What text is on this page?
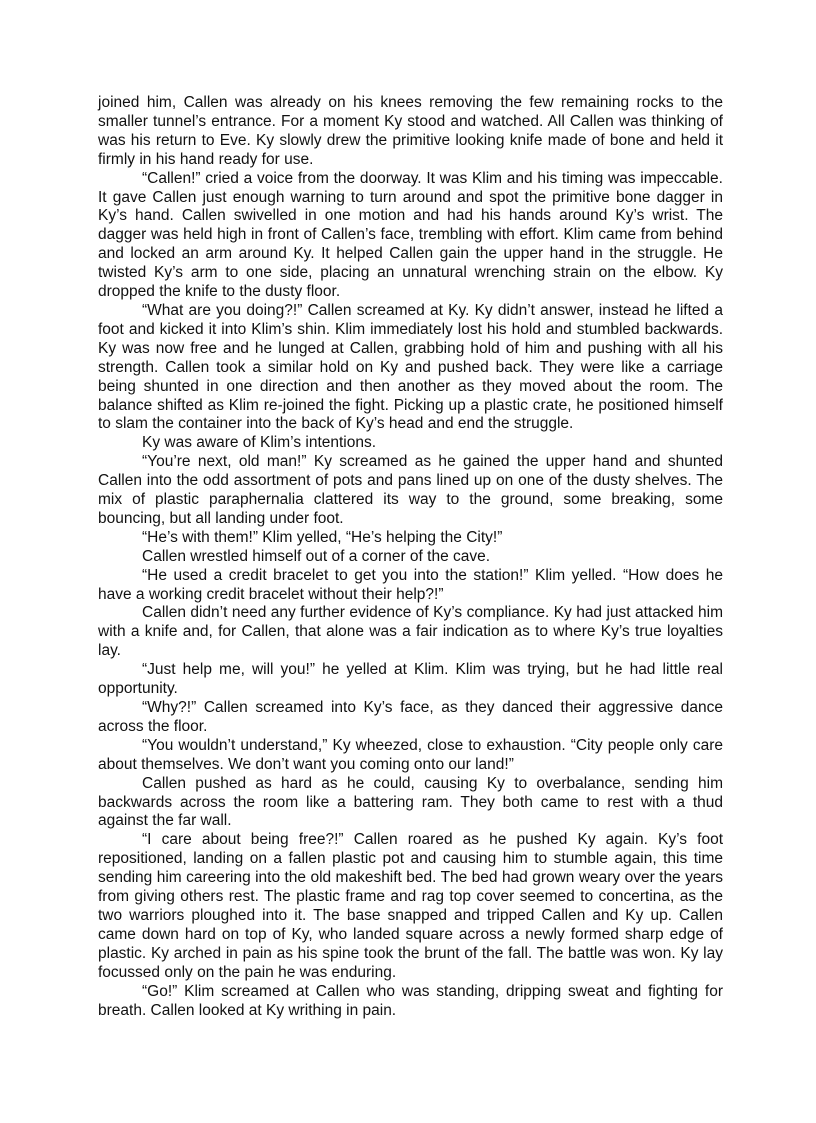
joined him, Callen was already on his knees removing the few remaining rocks to the smaller tunnel’s entrance. For a moment Ky stood and watched. All Callen was thinking of was his return to Eve. Ky slowly drew the primitive looking knife made of bone and held it firmly in his hand ready for use.

“Callen!” cried a voice from the doorway. It was Klim and his timing was impeccable. It gave Callen just enough warning to turn around and spot the primitive bone dagger in Ky’s hand. Callen swivelled in one motion and had his hands around Ky’s wrist. The dagger was held high in front of Callen’s face, trembling with effort. Klim came from behind and locked an arm around Ky. It helped Callen gain the upper hand in the struggle. He twisted Ky’s arm to one side, placing an unnatural wrenching strain on the elbow. Ky dropped the knife to the dusty floor.

“What are you doing?!” Callen screamed at Ky. Ky didn’t answer, instead he lifted a foot and kicked it into Klim’s shin. Klim immediately lost his hold and stumbled backwards. Ky was now free and he lunged at Callen, grabbing hold of him and pushing with all his strength. Callen took a similar hold on Ky and pushed back. They were like a carriage being shunted in one direction and then another as they moved about the room. The balance shifted as Klim re-joined the fight. Picking up a plastic crate, he positioned himself to slam the container into the back of Ky’s head and end the struggle.

Ky was aware of Klim’s intentions.

“You’re next, old man!” Ky screamed as he gained the upper hand and shunted Callen into the odd assortment of pots and pans lined up on one of the dusty shelves. The mix of plastic paraphernalia clattered its way to the ground, some breaking, some bouncing, but all landing under foot.

“He’s with them!” Klim yelled, “He’s helping the City!”

Callen wrestled himself out of a corner of the cave.

“He used a credit bracelet to get you into the station!” Klim yelled. “How does he have a working credit bracelet without their help?!”

Callen didn’t need any further evidence of Ky’s compliance. Ky had just attacked him with a knife and, for Callen, that alone was a fair indication as to where Ky’s true loyalties lay.

“Just help me, will you!” he yelled at Klim. Klim was trying, but he had little real opportunity.

“Why?!” Callen screamed into Ky’s face, as they danced their aggressive dance across the floor.

“You wouldn’t understand,” Ky wheezed, close to exhaustion. “City people only care about themselves. We don’t want you coming onto our land!”

Callen pushed as hard as he could, causing Ky to overbalance, sending him backwards across the room like a battering ram. They both came to rest with a thud against the far wall.

“I care about being free?!” Callen roared as he pushed Ky again. Ky’s foot repositioned, landing on a fallen plastic pot and causing him to stumble again, this time sending him careering into the old makeshift bed. The bed had grown weary over the years from giving others rest. The plastic frame and rag top cover seemed to concertina, as the two warriors ploughed into it. The base snapped and tripped Callen and Ky up. Callen came down hard on top of Ky, who landed square across a newly formed sharp edge of plastic. Ky arched in pain as his spine took the brunt of the fall. The battle was won. Ky lay focussed only on the pain he was enduring.

“Go!” Klim screamed at Callen who was standing, dripping sweat and fighting for breath. Callen looked at Ky writhing in pain.
